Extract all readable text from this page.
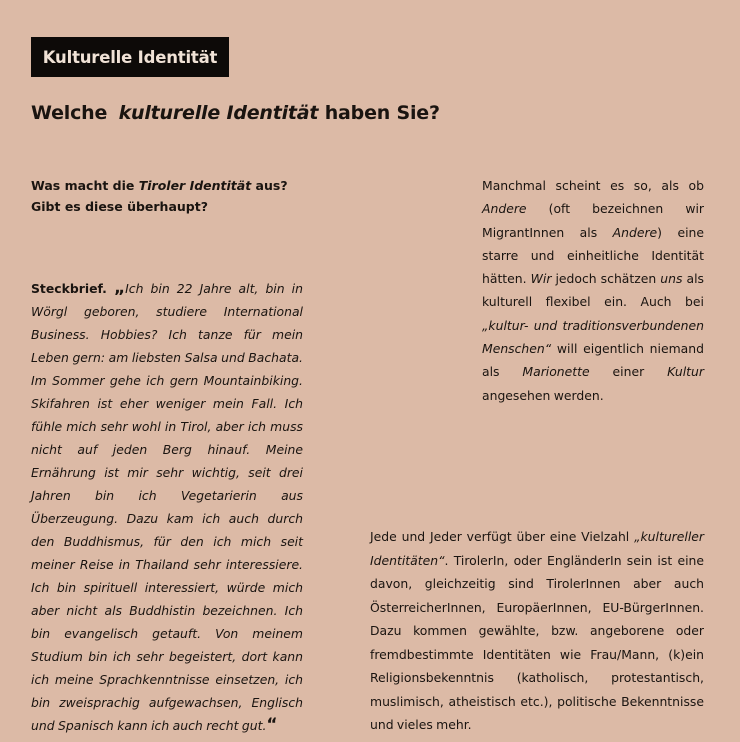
Kulturelle Identität
Welche kulturelle Identität haben Sie?
Was macht die Tiroler Identität aus?
Gibt es diese überhaupt?
Steckbrief. „Ich bin 22 Jahre alt, bin in Wörgl geboren, studiere International Business. Hobbies? Ich tanze für mein Leben gern: am liebsten Salsa und Bachata. Im Sommer gehe ich gern Mountainbiking. Skifahren ist eher weniger mein Fall. Ich fühle mich sehr wohl in Tirol, aber ich muss nicht auf jeden Berg hinauf. Meine Ernährung ist mir sehr wichtig, seit drei Jahren bin ich Vegetarierin aus Überzeugung. Dazu kam ich auch durch den Buddhismus, für den ich mich seit meiner Reise in Thailand sehr interessiere. Ich bin spirituell interessiert, würde mich aber nicht als Buddhistin bezeichnen. Ich bin evangelisch getauft. Von meinem Studium bin ich sehr begeistert, dort kann ich meine Sprachkenntnisse einsetzen, ich bin zweisprachig aufgewachsen, Englisch und Spanisch kann ich auch recht gut.“
Manchmal scheint es so, als ob Andere (oft bezeichnen wir MigrantInnen als Andere) eine starre und einheitliche Identität hätten. Wir jedoch schätzen uns als kulturell flexibel ein. Auch bei „kultur- und traditionsverbundenen Menschen“ will eigentlich niemand als Marionette einer Kultur angesehen werden.
Jede und Jeder verfügt über eine Vielzahl „kultureller Identitäten“. TirolerIn, oder EngländerIn sein ist eine davon, gleichzeitig sind TirolerInnen aber auch ÖsterreicherInnen, EuropäerInnen, EU-BürgerInnen. Dazu kommen gewählte, bzw. angeborene oder fremdbestimmte Identitäten wie Frau/Mann, (k)ein Religionsbekenntnis (katholisch, protestantisch, muslimisch, atheistisch etc.), politische Bekenntnisse und vieles mehr.
